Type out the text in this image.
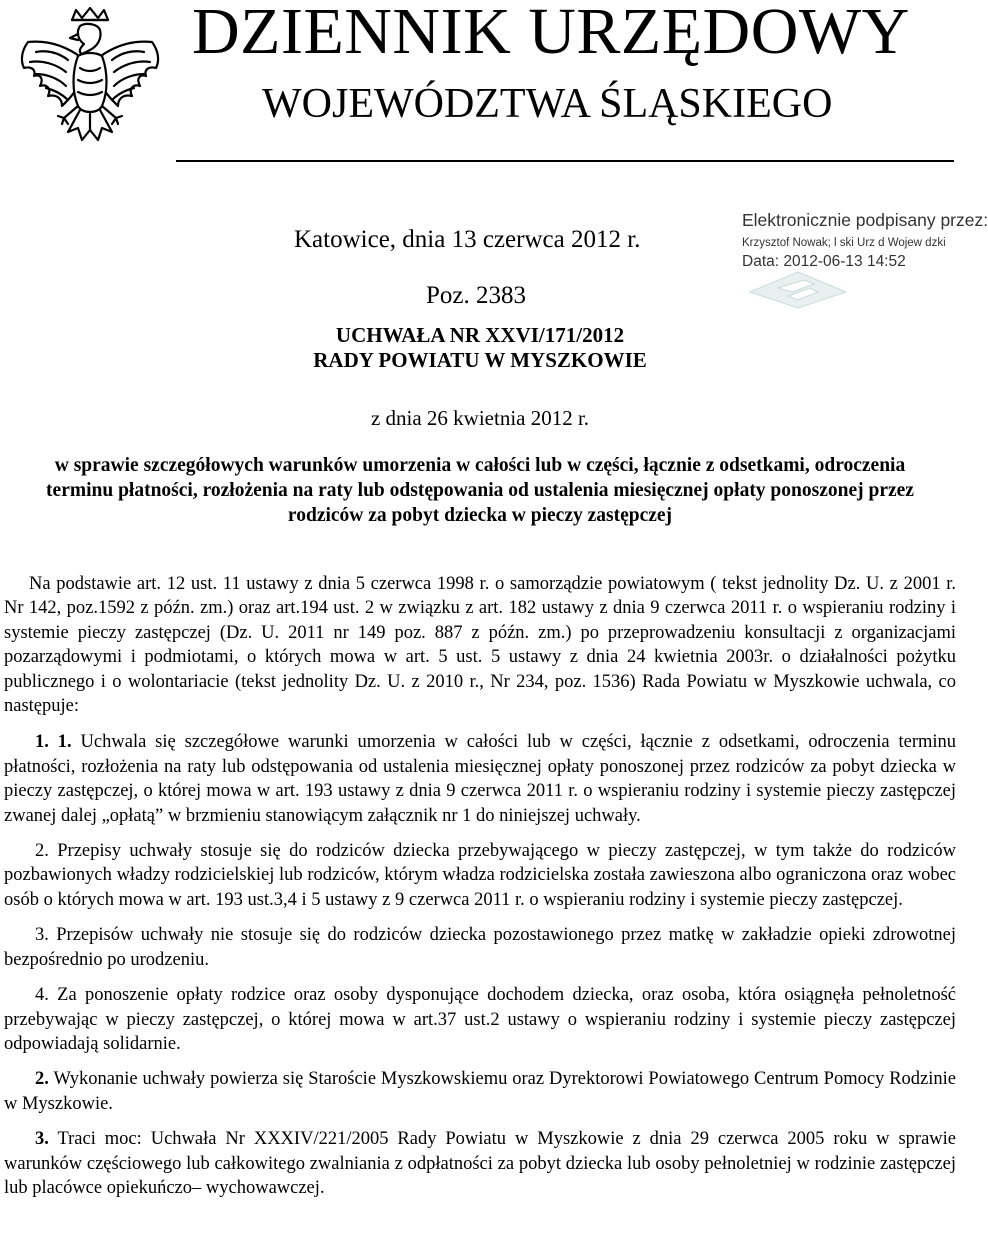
DZIENNIK URZĘDOWY
WOJEWÓDZTWA ŚLĄSKIEGO
Katowice, dnia 13 czerwca 2012 r.
Poz. 2383
Elektronicznie podpisany przez:
Krzysztof Nowak; l ski Urz d Wojew dzki
Data: 2012-06-13 14:52
UCHWAŁA NR XXVI/171/2012
RADY POWIATU W MYSZKOWIE
z dnia 26 kwietnia 2012 r.
w sprawie szczegółowych warunków umorzenia w całości lub w części, łącznie z odsetkami, odroczenia terminu płatności, rozłożenia na raty lub odstępowania od ustalenia miesięcznej opłaty ponoszonej przez rodziców za pobyt dziecka w pieczy zastępczej

Na podstawie art. 12 ust. 11 ustawy z dnia 5 czerwca 1998 r. o samorządzie powiatowym ( tekst jednolity Dz. U. z 2001 r. Nr 142, poz.1592 z późn. zm.) oraz art.194 ust. 2 w związku z art. 182 ustawy z dnia 9 czerwca 2011 r. o wspieraniu rodziny i systemie pieczy zastępczej (Dz. U. 2011 nr 149 poz. 887 z późn. zm.) po przeprowadzeniu konsultacji z organizacjami pozarządowymi i podmiotami, o których mowa w art. 5 ust. 5 ustawy z dnia 24 kwietnia 2003r. o działalności pożytku publicznego i o wolontariacie (tekst jednolity Dz. U. z 2010 r., Nr 234, poz. 1536) Rada Powiatu w Myszkowie uchwala, co następuje:

1. 1. Uchwala się szczegółowe warunki umorzenia w całości lub w części, łącznie z odsetkami, odroczenia terminu płatności, rozłożenia na raty lub odstępowania od ustalenia miesięcznej opłaty ponoszonej przez rodziców za pobyt dziecka w pieczy zastępczej, o której mowa w art. 193 ustawy z dnia 9 czerwca 2011 r. o wspieraniu rodziny i systemie pieczy zastępczej zwanej dalej „opłatą” w brzmieniu stanowiącym załącznik nr 1 do niniejszej uchwały.

2. Przepisy uchwały stosuje się do rodziców dziecka przebywającego w pieczy zastępczej, w tym także do rodziców pozbawionych władzy rodzicielskiej lub rodziców, którym władza rodzicielska została zawieszona albo ograniczona oraz wobec osób o których mowa w art. 193 ust.3,4 i 5 ustawy z 9 czerwca 2011 r. o wspieraniu rodziny i systemie pieczy zastępczej.

3. Przepisów uchwały nie stosuje się do rodziców dziecka pozostawionego przez matkę w zakładzie opieki zdrowotnej bezpośrednio po urodzeniu.

4. Za ponoszenie opłaty rodzice oraz osoby dysponujące dochodem dziecka, oraz osoba, która osiągnęła pełnoletność przebywając w pieczy zastępczej, o której mowa w art.37 ust.2 ustawy o wspieraniu rodziny i systemie pieczy zastępczej odpowiadają solidarnie.

2. Wykonanie uchwały powierza się Staroście Myszkowskiemu oraz Dyrektorowi Powiatowego Centrum Pomocy Rodzinie w Myszkowie.

3. Traci moc: Uchwała Nr XXXIV/221/2005 Rady Powiatu w Myszkowie z dnia 29 czerwca 2005 roku w sprawie warunków częściowego lub całkowitego zwalniania z odpłatności za pobyt dziecka lub osoby pełnoletniej w rodzinie zastępczej lub placówce opiekuńczo– wychowawczej.
